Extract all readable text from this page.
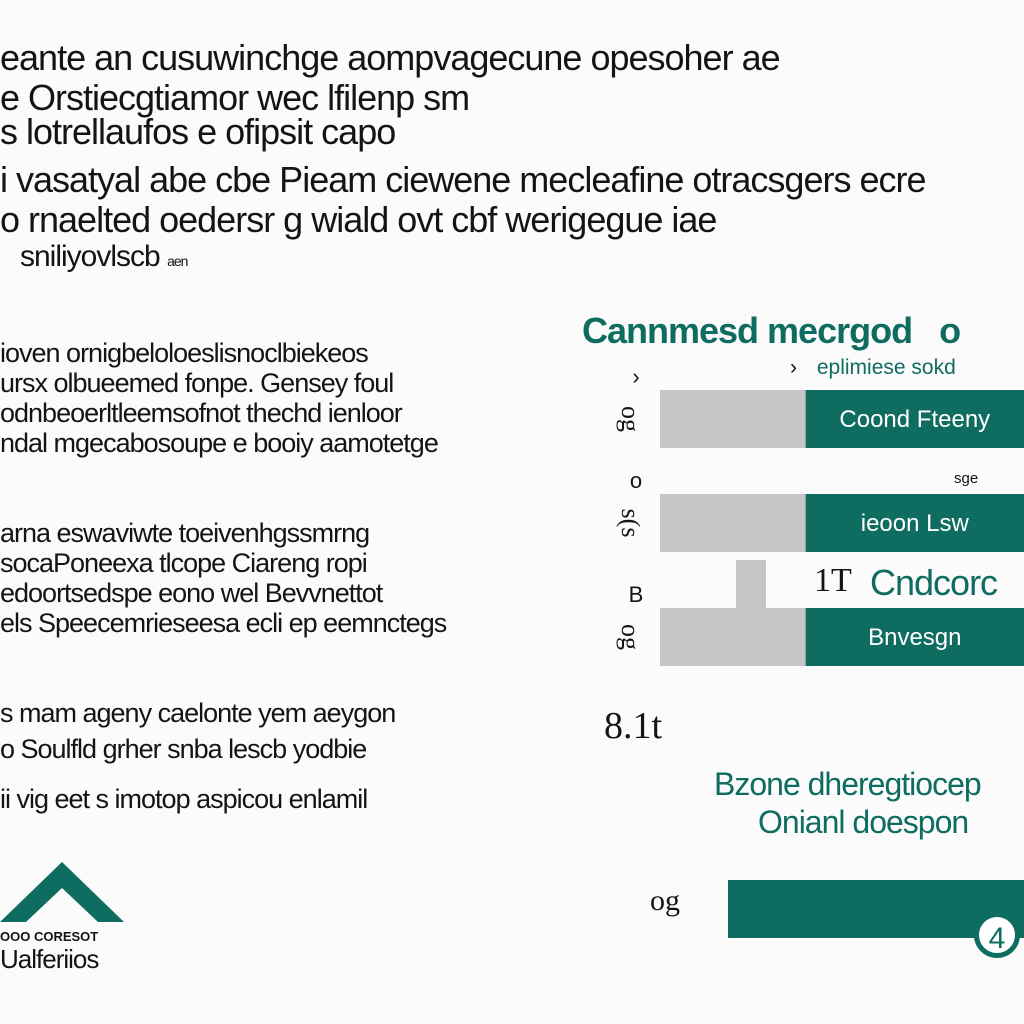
eante an cusuwinchge aompvagecune opesoher ae
e Orstiecgtiamor wec lfilenp sm
s lotrellaufos e ofipsit capo
i vasatyal abe cbe Pieam ciewene mecleafine otracsgers ecre
o rnaelted oedersr g wiald ovt cbf werigegue iae
sniliyovlscb aen
ioven ornigbeloloeslisnoclbiekeos
ursx olbueemed fonpe. Gensey foul
odnbeoerltleemsofnot thechd ienloor
ndal mgecabosoupe e booiy aamotetge
arna eswaviwte toeivenhgssmrng
socaPoneexa tlcope Ciareng ropi
edoortsedspe eono wel Bevvnettot
els Speecemrieseesa ecli ep eemnctegs
s mam ageny caelonte yem aeygon
o Soulfld grher snba lescb yodbie
ii vig eet s imotop aspicou enlamil
OOO CORESOT
Ualferiios
Cannmesd mecrgod o
› eplimiese sokd
og	Coond Fteeny
›
s(s	ieoon Lsw
o
og	Bnvesgn
B
sge
1T Cndcorc
8.1t
Bzone dheregtiocep
Onianl doespon
og
4
